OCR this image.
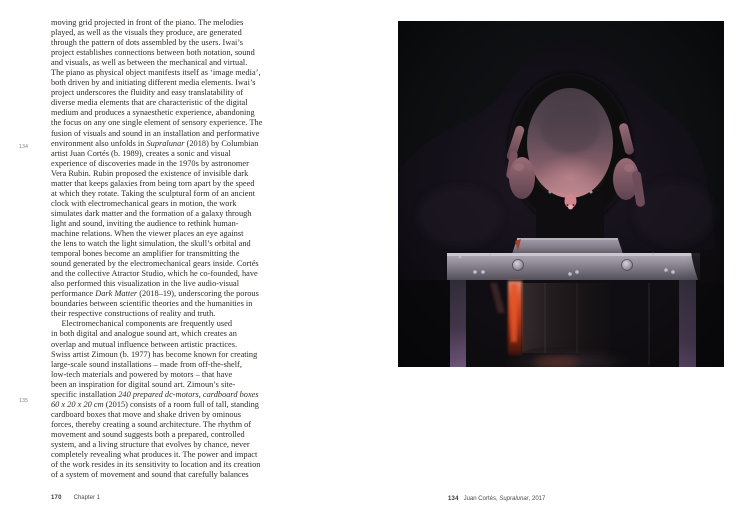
134
135
moving grid projected in front of the piano. The melodies
played, as well as the visuals they produce, are generated
through the pattern of dots assembled by the users. Iwai’s
project establishes connections between both notation, sound
and visuals, as well as between the mechanical and virtual.
The piano as physical object manifests itself as ‘image media’,
both driven by and initiating different media elements. Iwai’s
project underscores the fluidity and easy translatability of
diverse media elements that are characteristic of the digital
medium and produces a synaesthetic experience, abandoning
the focus on any one single element of sensory experience. The
fusion of visuals and sound in an installation and performative
environment also unfolds in Supralunar (2018) by Columbian
artist Juan Cortés (b. 1989), creates a sonic and visual
experience of discoveries made in the 1970s by astronomer
Vera Rubin. Rubin proposed the existence of invisible dark
matter that keeps galaxies from being torn apart by the speed
at which they rotate. Taking the sculptural form of an ancient
clock with electromechanical gears in motion, the work
simulates dark matter and the formation of a galaxy through
light and sound, inviting the audience to rethink human-
machine relations. When the viewer places an eye against
the lens to watch the light simulation, the skull’s orbital and
temporal bones become an amplifier for transmitting the
sound generated by the electromechanical gears inside. Cortés
and the collective Atractor Studio, which he co-founded, have
also performed this visualization in the live audio-visual
performance Dark Matter (2018–19), underscoring the porous
boundaries between scientific theories and the humanities in
their respective constructions of reality and truth.
Electromechanical components are frequently used
in both digital and analogue sound art, which creates an
overlap and mutual influence between artistic practices.
Swiss artist Zimoun (b. 1977) has become known for creating
large-scale sound installations – made from off-the-shelf,
low-tech materials and powered by motors – that have
been an inspiration for digital sound art. Zimoun’s site-
specific installation 240 prepared dc-motors, cardboard boxes
60 x 20 x 20 cm (2015) consists of a room full of tall, standing
cardboard boxes that move and shake driven by ominous
forces, thereby creating a sound architecture. The rhythm of
movement and sound suggests both a prepared, controlled
system, and a living structure that evolves by chance, never
completely revealing what produces it. The power and impact
of the work resides in its sensitivity to location and its creation
of a system of movement and sound that carefully balances
170 Chapter 1	134 Juan Cortés, Supralunar, 2017
